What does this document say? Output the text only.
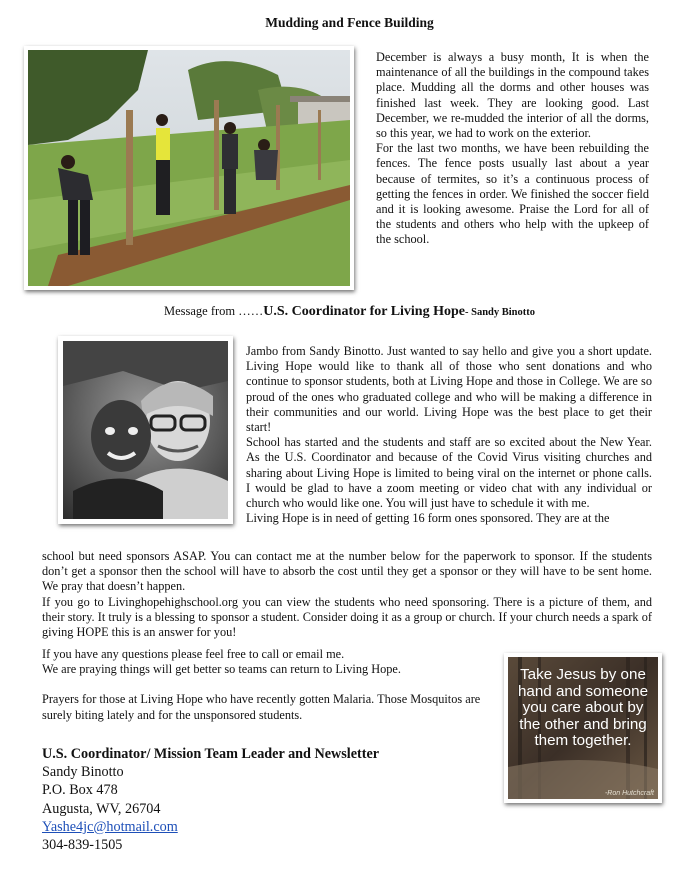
Mudding and Fence Building
December is always a busy month, It is when the maintenance of all the buildings in the compound takes place. Mudding all the dorms and other houses was finished last week. They are looking good. Last December, we re-mudded the interior of all the dorms, so this year, we had to work on the exterior.
For the last two months, we have been rebuilding the fences. The fence posts usually last about a year because of termites, so it’s a continuous process of getting the fences in order. We finished the soccer field and it is looking awesome. Praise the Lord for all of the students and others who help with the upkeep of the school.
Message from ……U.S. Coordinator for Living Hope- Sandy Binotto
Jambo from Sandy Binotto. Just wanted to say hello and give you a short update. Living Hope would like to thank all of those who sent donations and who continue to sponsor students, both at Living Hope and those in College. We are so proud of the ones who graduated college and who will be making a difference in their communities and our world. Living Hope was the best place to get their start!
School has started and the students and staff are so excited about the New Year. As the U.S. Coordinator and because of the Covid Virus visiting churches and sharing about Living Hope is limited to being viral on the internet or phone calls. I would be glad to have a zoom meeting or video chat with any individual or church who would like one. You will just have to schedule it with me.
Living Hope is in need of getting 16 form ones sponsored. They are at the
school but need sponsors ASAP. You can contact me at the number below for the paperwork to sponsor. If the students don’t get a sponsor then the school will have to absorb the cost until they get a sponsor or they will have to be sent home. We pray that doesn’t happen.
If you go to Livinghopehighschool.org you can view the students who need sponsoring. There is a picture of them, and their story. It truly is a blessing to sponsor a student. Consider doing it as a group or church. If your church needs a spark of giving HOPE this is an answer for you!
If you have any questions please feel free to call or email me.
We are praying things will get better so teams can return to Living Hope.
Prayers for those at Living Hope who have recently gotten Malaria. Those Mosquitos are surely biting lately and for the unsponsored students.
U.S. Coordinator/ Mission Team Leader and Newsletter
Sandy Binotto
P.O. Box 478
Augusta, WV, 26704
Yashe4jc@hotmail.com
304-839-1505
Take Jesus by one hand and someone you care about by the other and bring them together.
-Ron Hutchcraft
